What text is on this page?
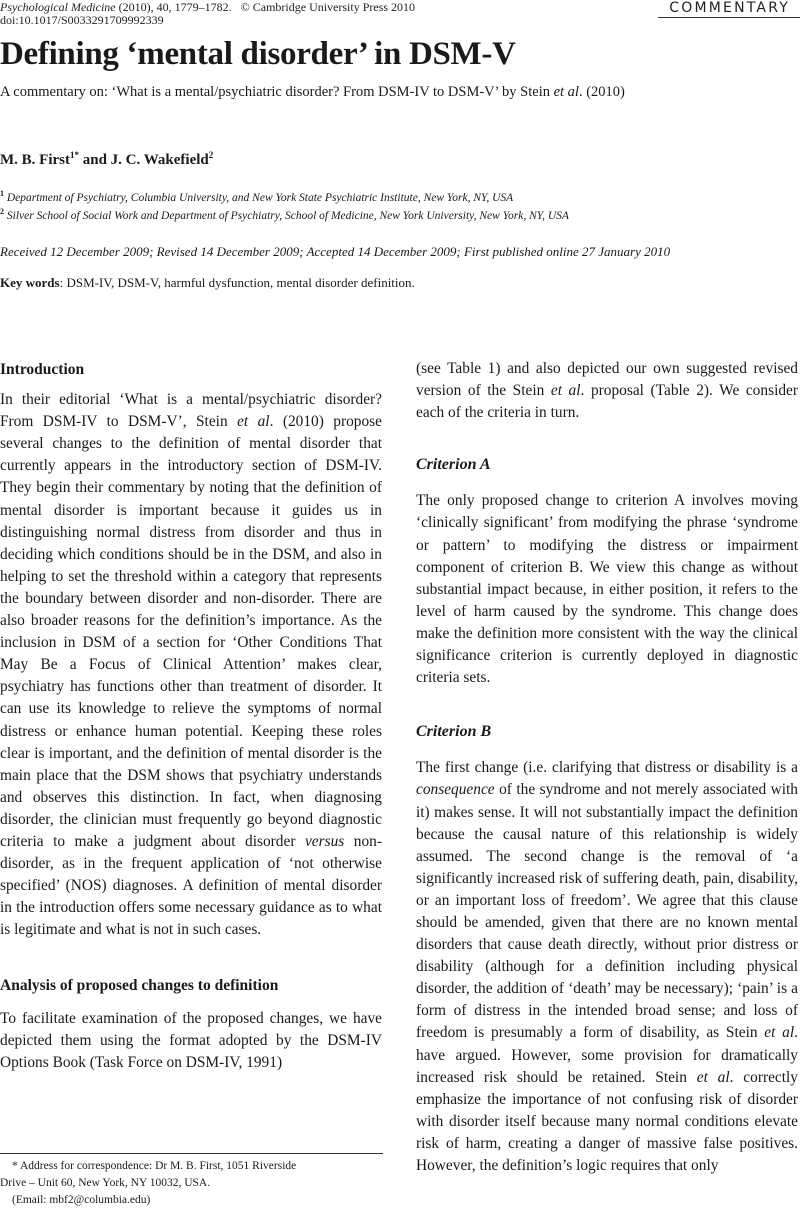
Psychological Medicine (2010), 40, 1779–1782. © Cambridge University Press 2010
doi:10.1017/S0033291709992339
COMMENTARY
Defining ‘mental disorder’ in DSM-V
A commentary on: ‘What is a mental/psychiatric disorder? From DSM-IV to DSM-V’ by Stein et al. (2010)
M. B. First$^{1*}$ and J. C. Wakefield$^2$
$^1$ Department of Psychiatry, Columbia University, and New York State Psychiatric Institute, New York, NY, USA
$^2$ Silver School of Social Work and Department of Psychiatry, School of Medicine, New York University, New York, NY, USA
Received 12 December 2009; Revised 14 December 2009; Accepted 14 December 2009; First published online 27 January 2010
Key words: DSM-IV, DSM-V, harmful dysfunction, mental disorder definition.
Introduction

In their editorial ‘What is a mental/psychiatric disorder? From DSM-IV to DSM-V’, Stein et al. (2010) propose several changes to the definition of mental disorder that currently appears in the introductory section of DSM-IV. They begin their commentary by noting that the definition of mental disorder is important because it guides us in distinguishing normal distress from disorder and thus in deciding which conditions should be in the DSM, and also in helping to set the threshold within a category that represents the boundary between disorder and non-disorder. There are also broader reasons for the definition’s importance. As the inclusion in DSM of a section for ‘Other Conditions That May Be a Focus of Clinical Attention’ makes clear, psychiatry has functions other than treatment of disorder. It can use its knowledge to relieve the symptoms of normal distress or enhance human potential. Keeping these roles clear is important, and the definition of mental disorder is the main place that the DSM shows that psychiatry understands and observes this distinction. In fact, when diagnosing disorder, the clinician must frequently go beyond diagnostic criteria to make a judgment about disorder versus non-disorder, as in the frequent application of ‘not otherwise specified’ (NOS) diagnoses. A definition of mental disorder in the introduction offers some necessary guidance as to what is legitimate and what is not in such cases.

Analysis of proposed changes to definition

To facilitate examination of the proposed changes, we have depicted them using the format adopted by the DSM-IV Options Book (Task Force on DSM-IV, 1991)

* Address for correspondence: Dr M. B. First, 1051 Riverside
Drive – Unit 60, New York, NY 10032, USA.
(Email: mbf2@columbia.edu)

(see Table 1) and also depicted our own suggested revised version of the Stein et al. proposal (Table 2). We consider each of the criteria in turn.

Criterion A

The only proposed change to criterion A involves moving ‘clinically significant’ from modifying the phrase ‘syndrome or pattern’ to modifying the distress or impairment component of criterion B. We view this change as without substantial impact because, in either position, it refers to the level of harm caused by the syndrome. This change does make the definition more consistent with the way the clinical significance criterion is currently deployed in diagnostic criteria sets.

Criterion B

The first change (i.e. clarifying that distress or disability is a consequence of the syndrome and not merely associated with it) makes sense. It will not substantially impact the definition because the causal nature of this relationship is widely assumed. The second change is the removal of ‘a significantly increased risk of suffering death, pain, disability, or an important loss of freedom’. We agree that this clause should be amended, given that there are no known mental disorders that cause death directly, without prior distress or disability (although for a definition including physical disorder, the addition of ‘death’ may be necessary); ‘pain’ is a form of distress in the intended broad sense; and loss of freedom is presumably a form of disability, as Stein et al. have argued. However, some provision for dramatically increased risk should be retained. Stein et al. correctly emphasize the importance of not confusing risk of disorder with disorder itself because many normal conditions elevate risk of harm, creating a danger of massive false positives. However, the definition’s logic requires that only
